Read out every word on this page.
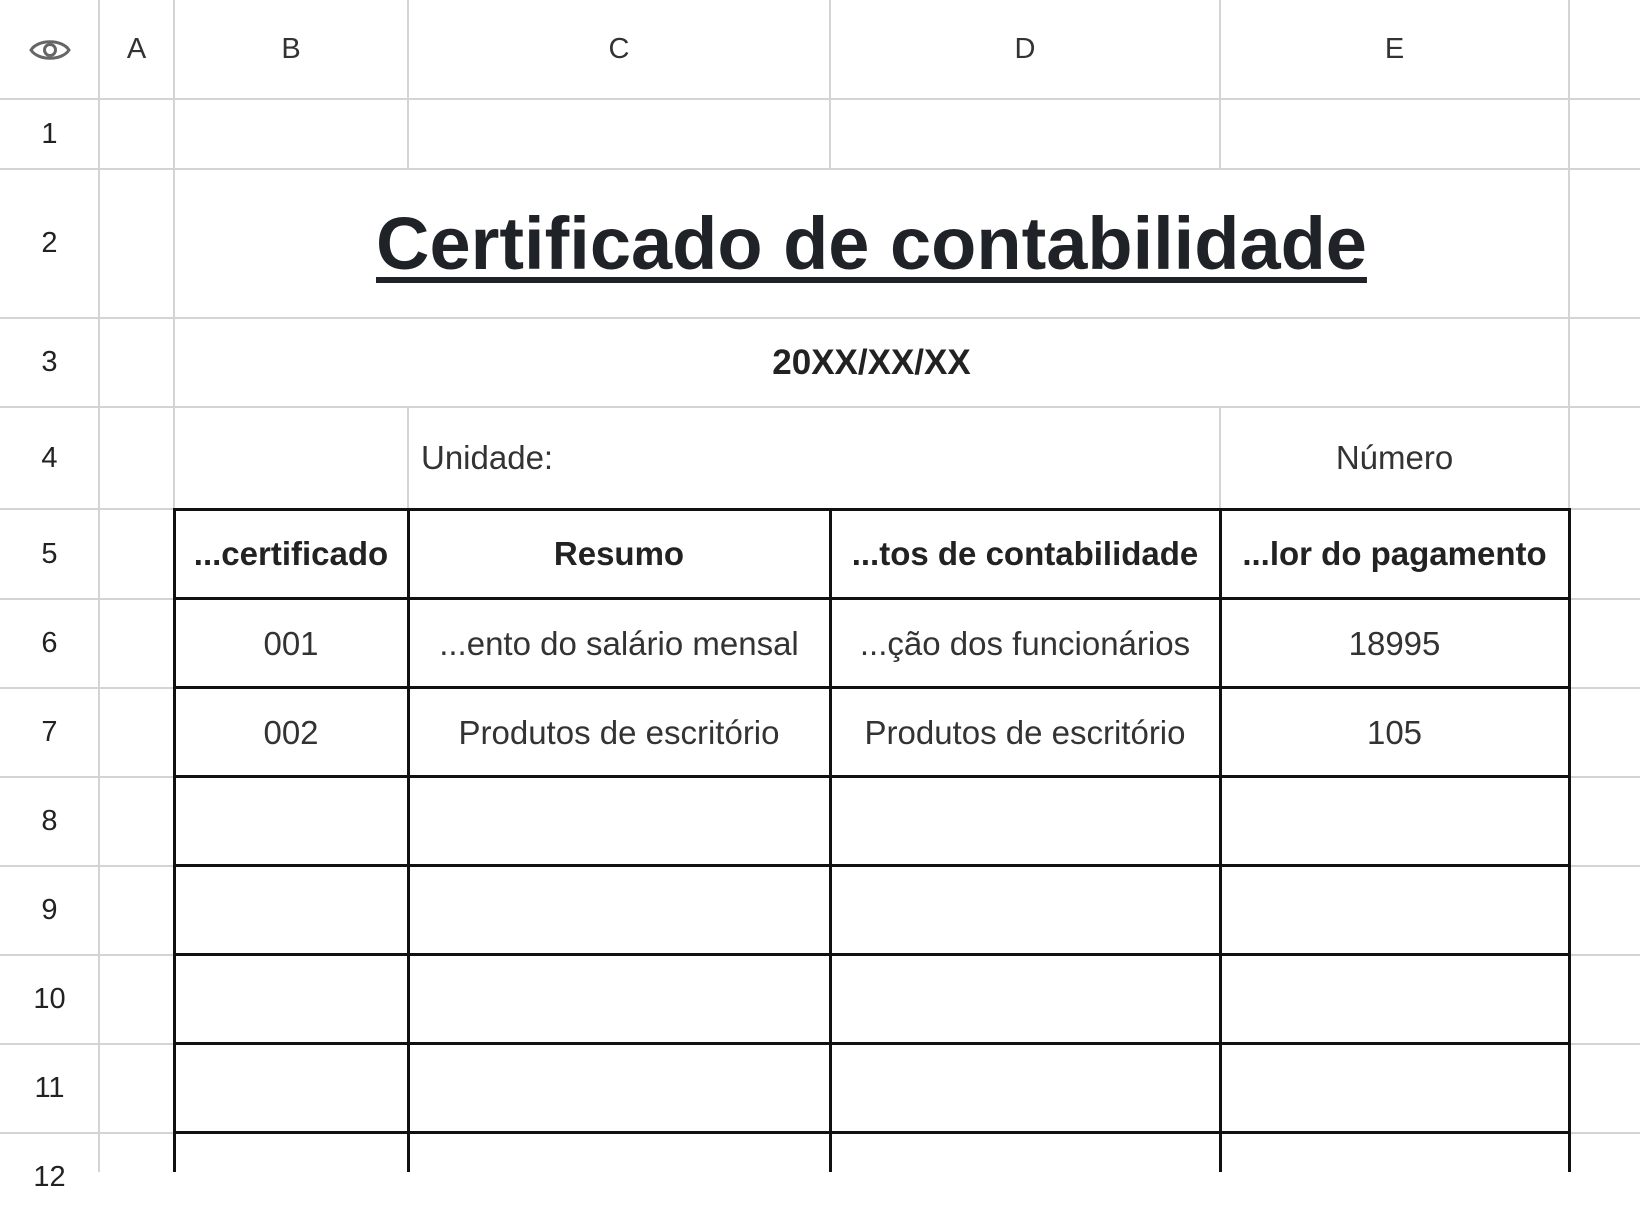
A	B	C	D	E
1
2
3
4
5
6
7
8
9
10
11
12
Certificado de contabilidade
20XX/XX/XX
Unidade:	Número
...certificado	Resumo	...tos de contabilidade	...lor do pagamento
001	...ento do salário mensal	...ção dos funcionários	18995
002	Produtos de escritório	Produtos de escritório	105
